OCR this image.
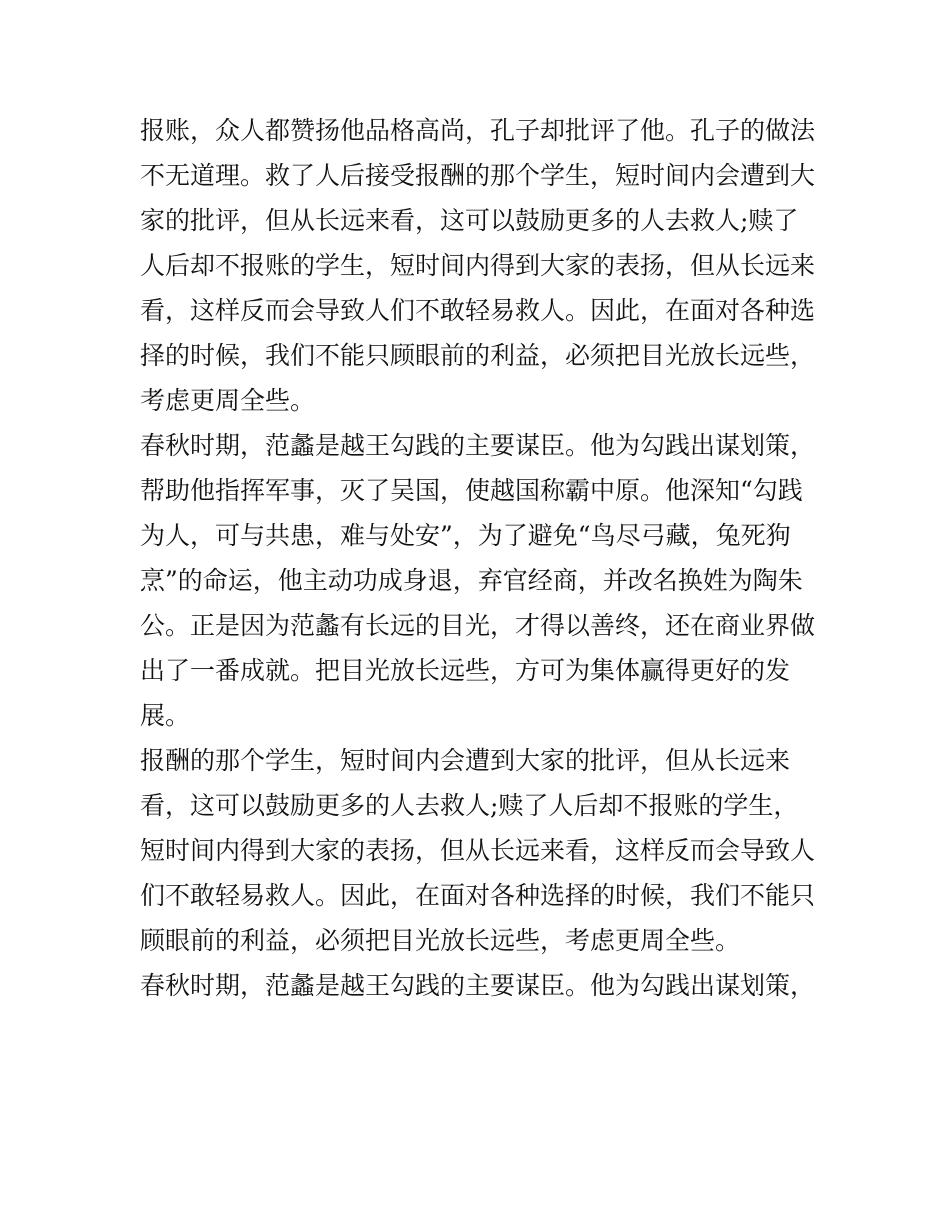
报账，众人都赞扬他品格高尚，孔子却批评了他。孔子的做法
不无道理。救了人后接受报酬的那个学生，短时间内会遭到大
家的批评，但从长远来看，这可以鼓励更多的人去救人;赎了
人后却不报账的学生，短时间内得到大家的表扬，但从长远来
看，这样反而会导致人们不敢轻易救人。因此，在面对各种选
择的时候，我们不能只顾眼前的利益，必须把目光放长远些，
考虑更周全些。
春秋时期，范蠡是越王勾践的主要谋臣。他为勾践出谋划策，
帮助他指挥军事，灭了吴国，使越国称霸中原。他深知“勾践
为人，可与共患，难与处安”，为了避免“鸟尽弓藏，兔死狗
烹”的命运，他主动功成身退，弃官经商，并改名换姓为陶朱
公。正是因为范蠡有长远的目光，才得以善终，还在商业界做
出了一番成就。把目光放长远些，方可为集体赢得更好的发
展。
报酬的那个学生，短时间内会遭到大家的批评，但从长远来
看，这可以鼓励更多的人去救人;赎了人后却不报账的学生，
短时间内得到大家的表扬，但从长远来看，这样反而会导致人
们不敢轻易救人。因此，在面对各种选择的时候，我们不能只
顾眼前的利益，必须把目光放长远些，考虑更周全些。
春秋时期，范蠡是越王勾践的主要谋臣。他为勾践出谋划策，
